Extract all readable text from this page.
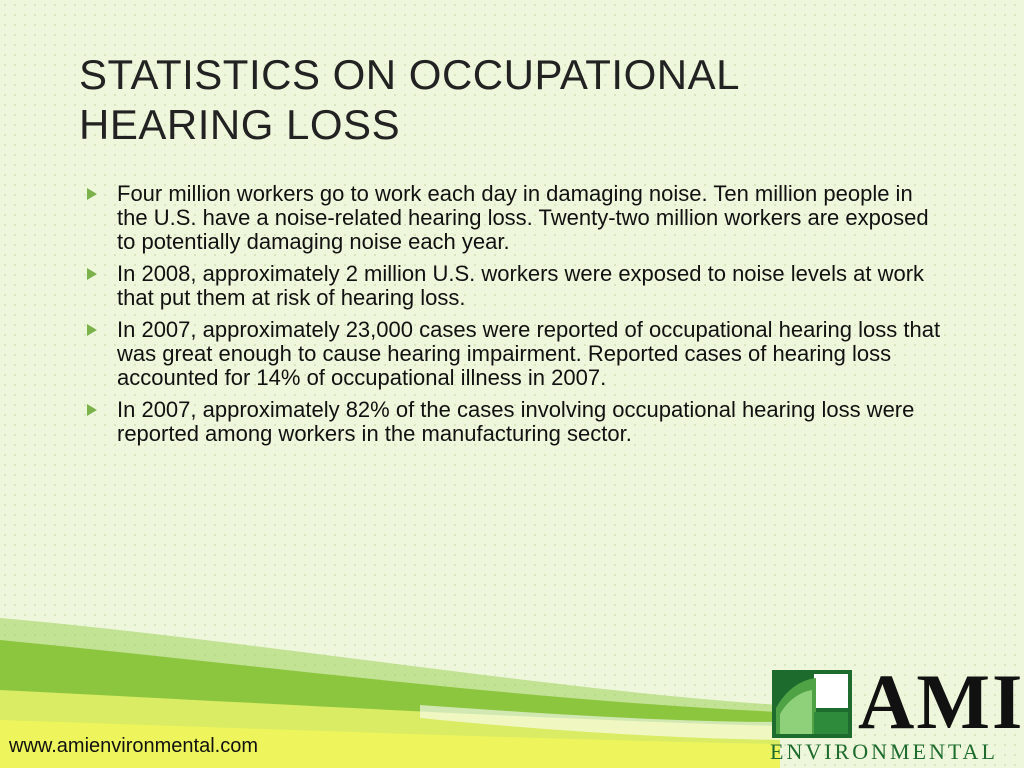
STATISTICS ON OCCUPATIONAL
HEARING LOSS
Four million workers go to work each day in damaging noise. Ten million people in the U.S. have a noise-related hearing loss. Twenty-two million workers are exposed to potentially damaging noise each year.
In 2008, approximately 2 million U.S. workers were exposed to noise levels at work that put them at risk of hearing loss.
In 2007, approximately 23,000 cases were reported of occupational hearing loss that was great enough to cause hearing impairment. Reported cases of hearing loss accounted for 14% of occupational illness in 2007.
In 2007, approximately 82% of the cases involving occupational hearing loss were reported among workers in the manufacturing sector.
www.amienvironmental.com
AMI
ENVIRONMENTAL
